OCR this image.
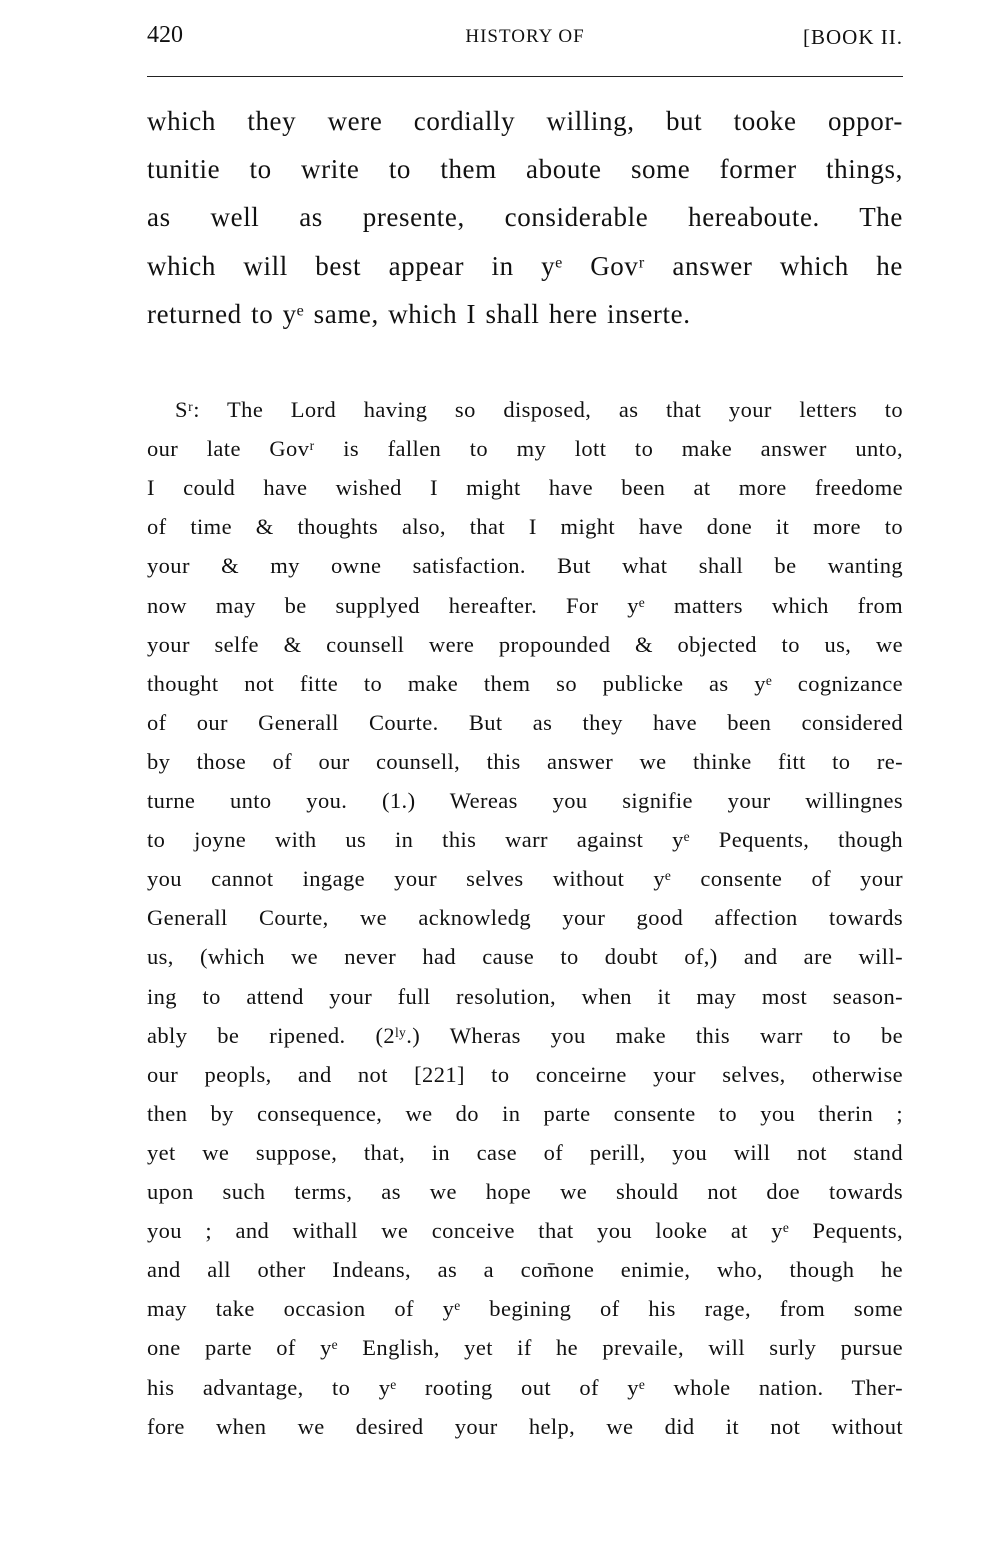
420	HISTORY OF	[BOOK II.
which they were cordially willing, but tooke oppor-
tunitie to write to them aboute some former things,
as well as presente, considerable hereaboute. The
which will best appear in yᵉ Govʳ answer which he
returned to yᵉ same, which I shall here inserte.
Sʳ: The Lord having so disposed, as that your letters to
our late Govʳ is fallen to my lott to make answer unto,
I could have wished I might have been at more freedome
of time & thoughts also, that I might have done it more to
your & my owne satisfaction. But what shall be wanting
now may be supplyed hereafter. For yᵉ matters which from
your selfe & counsell were propounded & objected to us, we
thought not fitte to make them so publicke as yᵉ cognizance
of our Generall Courte. But as they have been considered
by those of our counsell, this answer we thinke fitt to re-
turne unto you. (1.) Wereas you signifie your willingnes
to joyne with us in this warr against yᵉ Pequents, though
you cannot ingage your selves without yᵉ consente of your
Generall Courte, we acknowledg your good affection towards
us, (which we never had cause to doubt of,) and are will-
ing to attend your full resolution, when it may most season-
ably be ripened. (2ˡʸ.) Wheras you make this warr to be
our peopls, and not [221] to conceirne your selves, otherwise
then by consequence, we do in parte consente to you therin ;
yet we suppose, that, in case of perill, you will not stand
upon such terms, as we hope we should not doe towards
you ; and withall we conceive that you looke at yᵉ Pequents,
and all other Indeans, as a com̄one enimie, who, though he
may take occasion of yᵉ begining of his rage, from some
one parte of yᵉ English, yet if he prevaile, will surly pursue
his advantage, to yᵉ rooting out of yᵉ whole nation. Ther-
fore when we desired your help, we did it not without
